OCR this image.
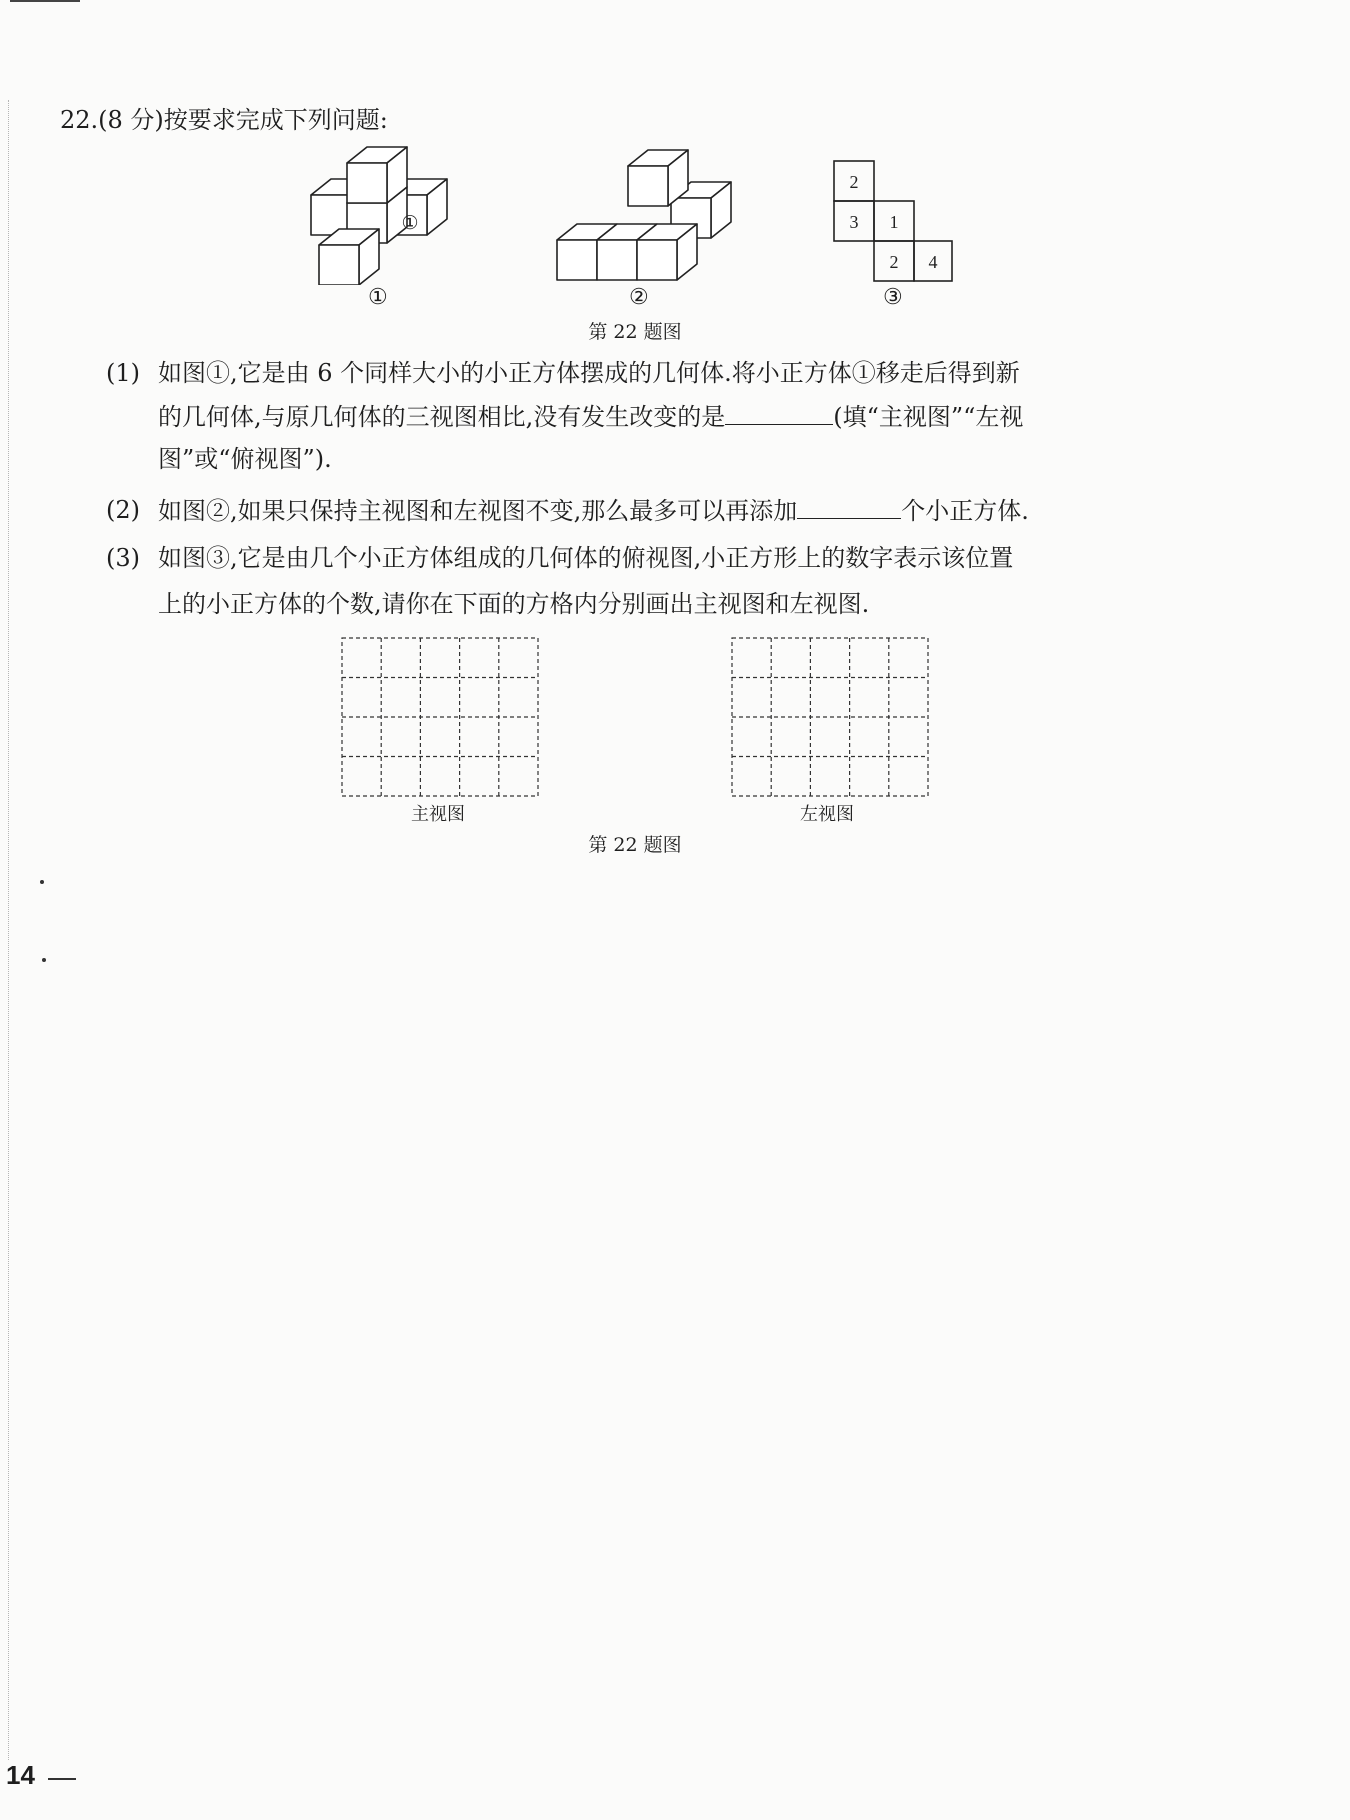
22.(8 分)按要求完成下列问题:
①
2
3 1
2 4
①	②	③
第 22 题图
(1) 如图①,它是由 6 个同样大小的小正方体摆成的几何体.将小正方体①移走后得到新
的几何体,与原几何体的三视图相比,没有发生改变的是	(填“主视图”“左视
图”或“俯视图”).
(2) 如图②,如果只保持主视图和左视图不变,那么最多可以再添加	个小正方体.
(3) 如图③,它是由几个小正方体组成的几何体的俯视图,小正方形上的数字表示该位置
上的小正方体的个数,请你在下面的方格内分别画出主视图和左视图.
主视图	左视图
第 22 题图
14
